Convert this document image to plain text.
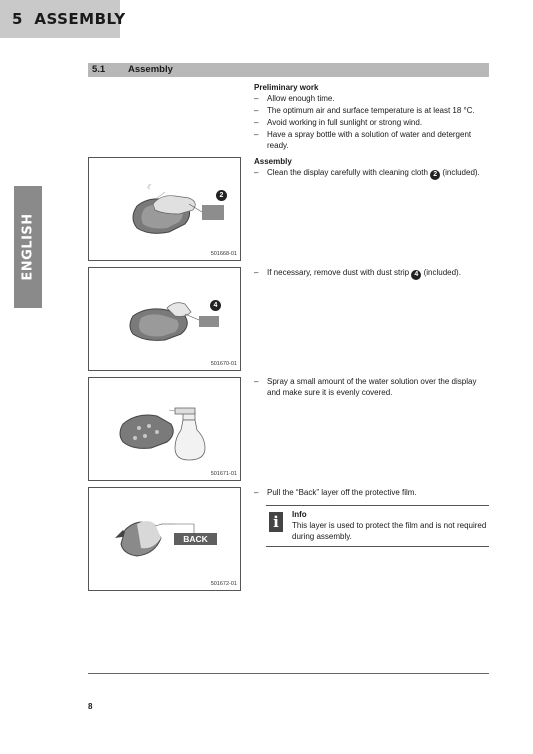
5 ASSEMBLY
ENGLISH
5.1 Assembly
Preliminary work
– Allow enough time.
– The optimum air and surface temperature is at least 18 °C.
– Avoid working in full sunlight or strong wind.
– Have a spray bottle with a solution of water and detergent ready.
Assembly
– Clean the display carefully with cleaning cloth 2 (included).
– If necessary, remove dust with dust strip 4 (included).
– Spray a small amount of the water solution over the display and make sure it is evenly covered.
– Pull the “Back” layer off the protective film.
i	Info
This layer is used to protect the film and is not required during assembly.
2
501668-01
4
501670-01
501671-01
BACK
501672-01
8
